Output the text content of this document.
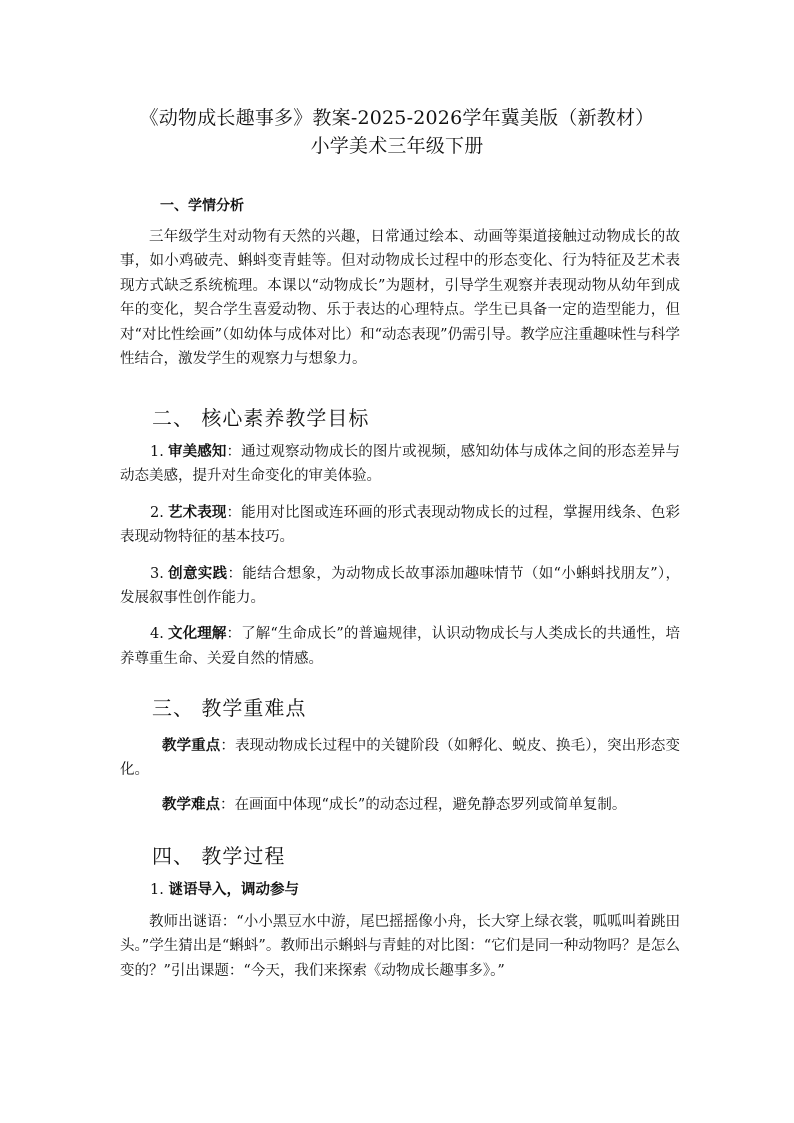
《动物成长趣事多》教案-2025-2026学年冀美版（新教材）
小学美术三年级下册
一、学情分析

三年级学生对动物有天然的兴趣，日常通过绘本、动画等渠道接触过动物成长的故事，如小鸡破壳、蝌蚪变青蛙等。但对动物成长过程中的形态变化、行为特征及艺术表现方式缺乏系统梳理。本课以“动物成长”为题材，引导学生观察并表现动物从幼年到成年的变化，契合学生喜爱动物、乐于表达的心理特点。学生已具备一定的造型能力，但对“对比性绘画”（如幼体与成体对比）和“动态表现”仍需引导。教学应注重趣味性与科学性结合，激发学生的观察力与想象力。

二、 核心素养教学目标
1. 审美感知：通过观察动物成长的图片或视频，感知幼体与成体之间的形态差异与动态美感，提升对生命变化的审美体验。
2. 艺术表现：能用对比图或连环画的形式表现动物成长的过程，掌握用线条、色彩表现动物特征的基本技巧。
3. 创意实践：能结合想象，为动物成长故事添加趣味情节（如“小蝌蚪找朋友”），发展叙事性创作能力。
4. 文化理解：了解“生命成长”的普遍规律，认识动物成长与人类成长的共通性，培养尊重生命、关爱自然的情感。
三、 教学重难点

教学重点：表现动物成长过程中的关键阶段（如孵化、蜕皮、换毛），突出形态变化。

教学难点：在画面中体现“成长”的动态过程，避免静态罗列或简单复制。

四、 教学过程
1. 谜语导入，调动参与

教师出谜语：“小小黑豆水中游，尾巴摇摇像小舟，长大穿上绿衣裳，呱呱叫着跳田头。”学生猜出是“蝌蚪”。教师出示蝌蚪与青蛙的对比图：“它们是同一种动物吗？是怎么变的？”引出课题：“今天，我们来探索《动物成长趣事多》。”
